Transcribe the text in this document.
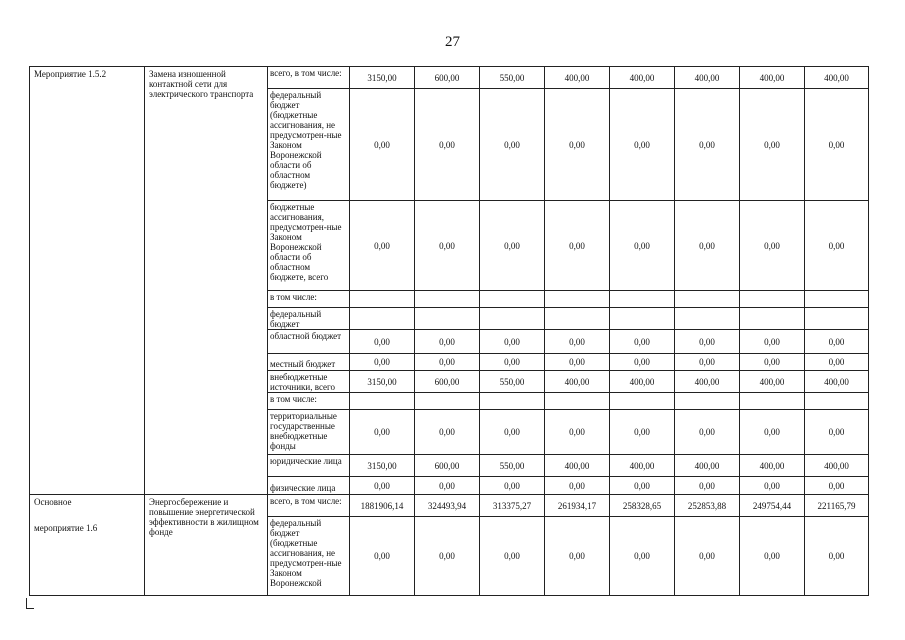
27
Мероприятие 1.5.2	Замена изношенной контактной сети для электрического транспорта	всего, в том числе:	3150,00	600,00	550,00	400,00	400,00	400,00	400,00	400,00
		федеральный бюджет (бюджетные ассигнования, не предусмотрен-ные Законом Воронежской области об областном бюджете)	0,00	0,00	0,00	0,00	0,00	0,00	0,00	0,00
		бюджетные ассигнования, предусмотрен-ные Законом Воронежской области об областном бюджете, всего	0,00	0,00	0,00	0,00	0,00	0,00	0,00	0,00
		в том числе:								
		федеральный бюджет								
		областной бюджет	0,00	0,00	0,00	0,00	0,00	0,00	0,00	0,00
		местный бюджет	0,00	0,00	0,00	0,00	0,00	0,00	0,00	0,00
		внебюджетные источники, всего	3150,00	600,00	550,00	400,00	400,00	400,00	400,00	400,00
		в том числе:								
		территориальные государственные внебюджетные фонды	0,00	0,00	0,00	0,00	0,00	0,00	0,00	0,00
		юридические лица	3150,00	600,00	550,00	400,00	400,00	400,00	400,00	400,00
		физические лица	0,00	0,00	0,00	0,00	0,00	0,00	0,00	0,00
Основное
мероприятие 1.6	Энергосбережение и повышение энергетической эффективности в жилищном фонде	всего, в том числе:	1881906,14	324493,94	313375,27	261934,17	258328,65	252853,88	249754,44	221165,79
		федеральный бюджет (бюджетные ассигнования, не предусмотрен-ные Законом Воронежской	0,00	0,00	0,00	0,00	0,00	0,00	0,00	0,00
